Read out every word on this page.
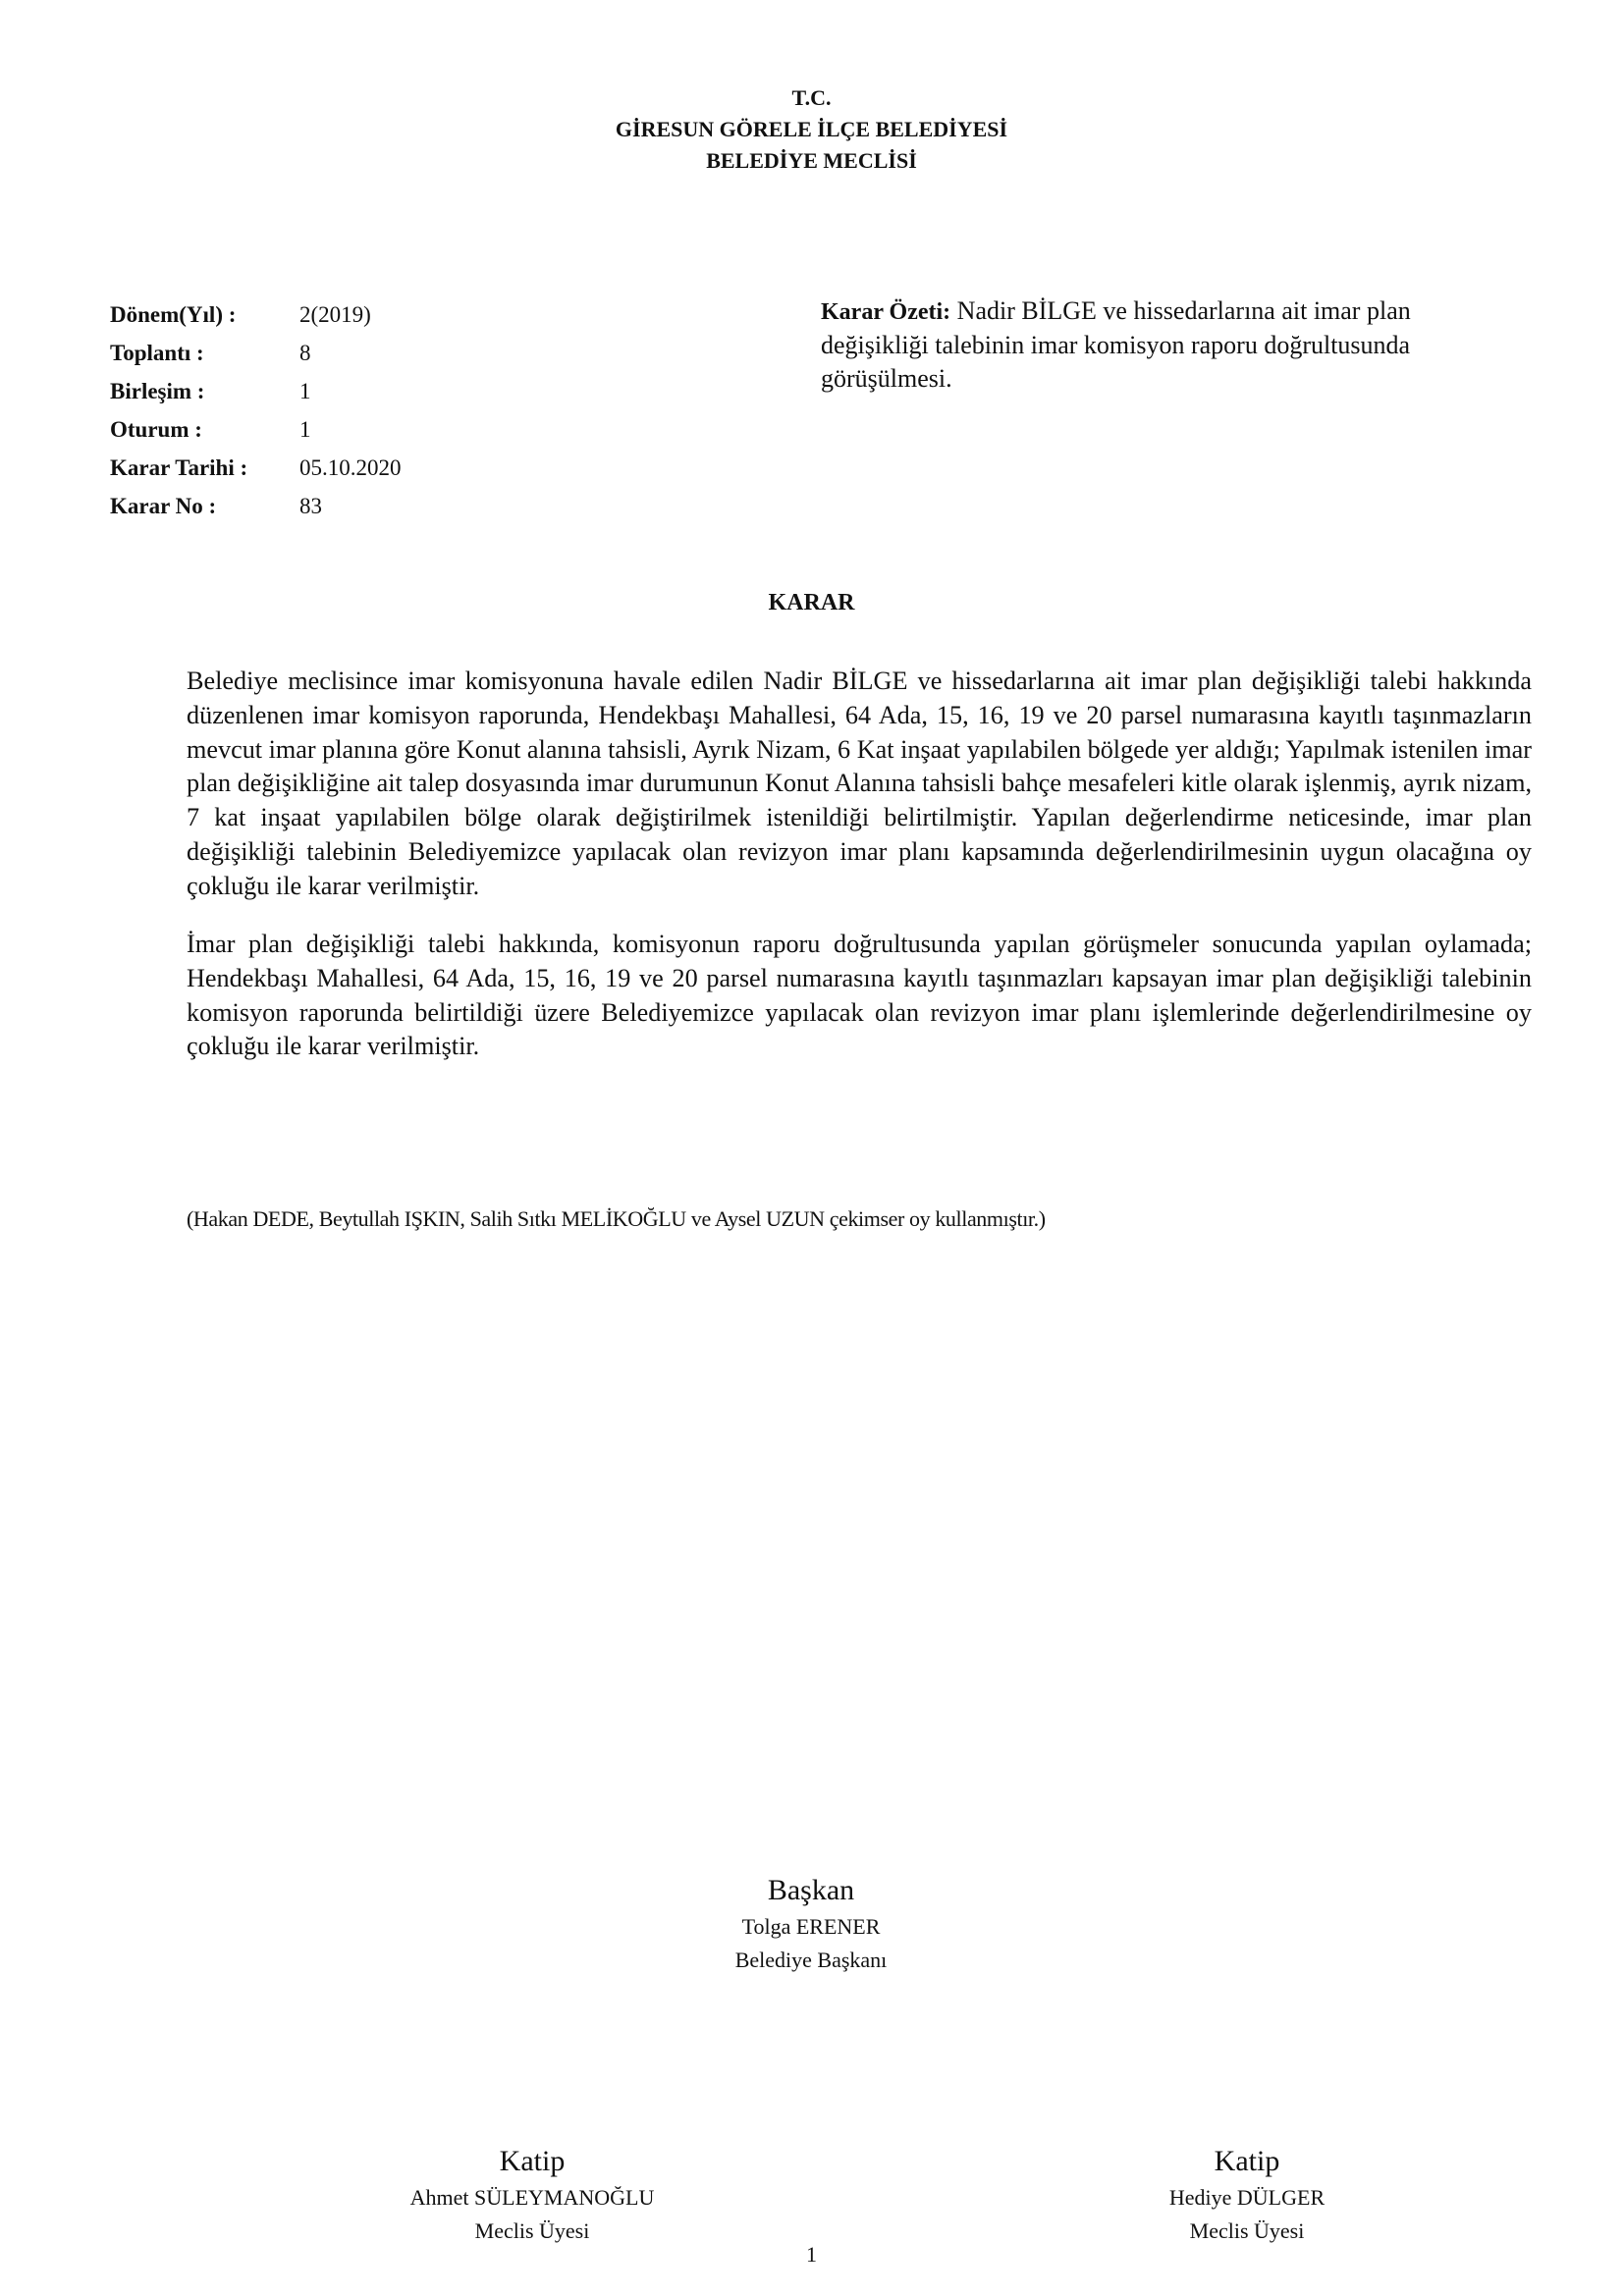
T.C.
GİRESUN GÖRELE İLÇE BELEDİYESİ
BELEDİYE MECLİSİ
Dönem(Yıl) :	2(2019)
Toplantı :	8
Birleşim :	1
Oturum :	1
Karar Tarihi : 05.10.2020
Karar No :	83
Karar Özeti: Nadir BİLGE ve hissedarlarına ait imar plan değişikliği talebinin imar komisyon raporu doğrultusunda görüşülmesi.
KARAR
Belediye meclisince imar komisyonuna havale edilen Nadir BİLGE ve hissedarlarına ait imar plan değişikliği talebi hakkında düzenlenen imar komisyon raporunda, Hendekbaşı Mahallesi, 64 Ada, 15, 16, 19 ve 20 parsel numarasına kayıtlı taşınmazların mevcut imar planına göre Konut alanına tahsisli, Ayrık Nizam, 6 Kat inşaat yapılabilen bölgede yer aldığı; Yapılmak istenilen imar plan değişikliğine ait talep dosyasında imar durumunun Konut Alanına tahsisli bahçe mesafeleri kitle olarak işlenmiş, ayrık nizam, 7 kat inşaat yapılabilen bölge olarak değiştirilmek istenildiği belirtilmiştir. Yapılan değerlendirme neticesinde, imar plan değişikliği talebinin Belediyemizce yapılacak olan revizyon imar planı kapsamında değerlendirilmesinin uygun olacağına oy çokluğu ile karar verilmiştir.
İmar plan değişikliği talebi hakkında, komisyonun raporu doğrultusunda yapılan görüşmeler sonucunda yapılan oylamada; Hendekbaşı Mahallesi, 64 Ada, 15, 16, 19 ve 20 parsel numarasına kayıtlı taşınmazları kapsayan imar plan değişikliği talebinin komisyon raporunda belirtildiği üzere Belediyemizce yapılacak olan revizyon imar planı işlemlerinde değerlendirilmesine oy çokluğu ile karar verilmiştir.
(Hakan DEDE, Beytullah IŞKIN, Salih Sıtkı MELİKOĞLU ve Aysel UZUN çekimser oy kullanmıştır.)
Başkan
Tolga ERENER
Belediye Başkanı
Katip
Ahmet SÜLEYMANOĞLU
Meclis Üyesi
Katip
Hediye DÜLGER
Meclis Üyesi
1
